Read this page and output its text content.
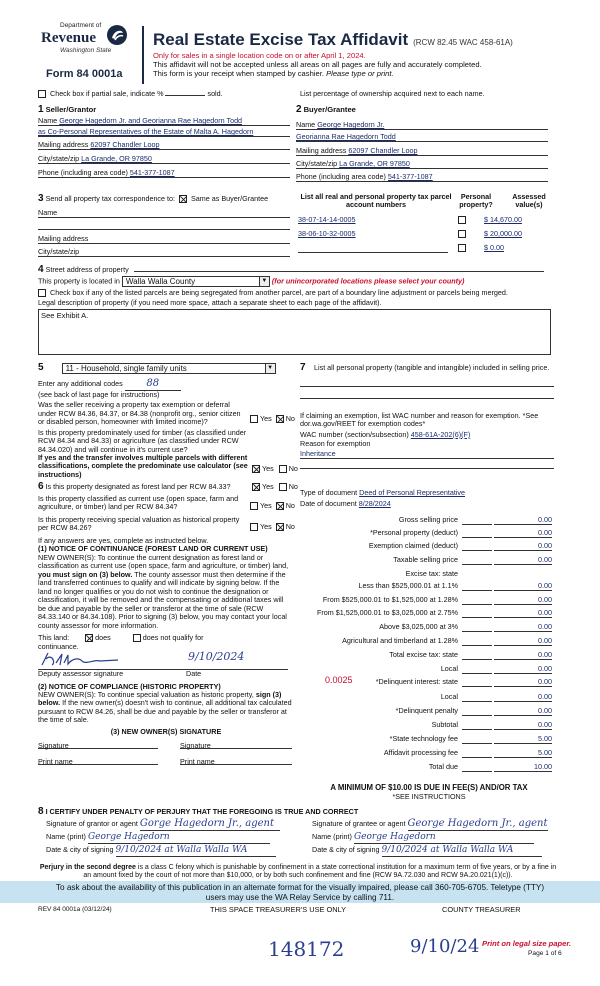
Department of
Revenue
Washington State
Form 84 0001a
Real Estate Excise Tax Affidavit (RCW 82.45 WAC 458-61A)
Only for sales in a single location code on or after April 1, 2024.
This affidavit will not be accepted unless all areas on all pages are fully and accurately completed.
This form is your receipt when stamped by cashier. Please type or print.
Check box if partial sale, indicate %	sold.	List percentage of ownership acquired next to each name.
1 Seller/Grantor
Name George Hagedorn Jr. and Georianna Rae Hagedorn Todd
as Co-Personal Representatives of the Estate of Malta A. Hagedorn
Mailing address 62097 Chandler Loop
City/state/zip La Grande, OR 97850
Phone (including area code) 541-377-1087
2 Buyer/Grantee
Name George Hagedorn Jr.
Georianna Rae Hagedorn Todd
Mailing address 62097 Chandler Loop
City/state/zip La Grande, OR 97850
Phone (including area code) 541-377-1087
3 Send all property tax correspondence to: Same as Buyer/Grantee
Name

Mailing address
City/state/zip
List all real and personal property tax parcel account numbers
Personal property?
Assessed value(s)
38-07-14-14-0005	$ 14,670.00
38-06-10-32-0005	$ 20,000.00
$ 0.00
4 Street address of property
This property is located in Walla Walla County	▼ (for unincorporated locations please select your county)
Check box if any of the listed parcels are being segregated from another parcel, are part of a boundary line adjustment or parcels being merged.
Legal description of property (if you need more space, attach a separate sheet to each page of the affidavit).
See Exhibit A.
5	11 - Household, single family units	▼
Enter any additional codes 88
(see back of last page for instructions)
Was the seller receiving a property tax exemption or deferral under RCW 84.36, 84.37, or 84.38 (nonprofit org., senior citizen or disabled person, homeowner with limited income)?	Yes No
Is this property predominately used for timber (as classified under RCW 84.34 and 84.33) or agriculture (as classified under RCW 84.34.020) and will continue in it's current use?
If yes and the transfer involves multiple parcels with different classifications, complete the predominate use calculator (see instructions)
Yes No
7	List all personal property (tangible and intangible) included in selling price.
If claiming an exemption, list WAC number and reason for exemption. *See dor.wa.gov/REET for exemption codes*
WAC number (section/subsection) 458-61A-202(6)(F)
Reason for exemption
Inheritance
6 Is this property designated as forest land per RCW 84.33?	Yes No
Is this property classified as current use (open space, farm and agriculture, or timber) land per RCW 84.34?	Yes No
Is this property receiving special valuation as historical property per RCW 84.26?	Yes No
If any answers are yes, complete as instructed below.
(1) NOTICE OF CONTINUANCE (FOREST LAND OR CURRENT USE)
NEW OWNER(S): To continue the current designation as forest land or classification as current use (open space, farm and agriculture, or timber) land, you must sign on (3) below. The county assessor must then determine if the land transferred continues to qualify and will indicate by signing below. If the land no longer qualifies or you do not wish to continue the designation or classification, it will be removed and the compensating or additional taxes will be due and payable by the seller or transferor at the time of sale (RCW 84.33.140 or 84.34.108). Prior to signing (3) below, you may contact your local county assessor for more information.
This land:	does	does not qualify for
continuance.
9/10/2024
Deputy assessor signature	Date
(2) NOTICE OF COMPLIANCE (HISTORIC PROPERTY)
NEW OWNER(S): To continue special valuation as historic property, sign (3) below. If the new owner(s) doesn't wish to continue, all additional tax calculated pursuant to RCW 84.26, shall be due and payable by the seller or transferor at the time of sale.
(3) NEW OWNER(S) SIGNATURE
Signature	Signature
Print name	Print name
Type of document Deed of Personal Representative
Date of document 8/28/2024
Gross selling price	0.00
*Personal property (deduct)	0.00
Exemption claimed (deduct)	0.00
Taxable selling price	0.00
Excise tax: state
Less than $525,000.01 at 1.1%	0.00
From $525,000.01 to $1,525,000 at 1.28%	0.00
From $1,525,000.01 to $3,025,000 at 2.75%	0.00
Above $3,025,000 at 3%	0.00
Agricultural and timberland at 1.28%	0.00
Total excise tax: state	0.00
Local	0.00
*Delinquent interest: state	0.00
Local	0.00
*Delinquent penalty	0.00
Subtotal	0.00
*State technology fee	5.00
Affidavit processing fee	5.00
Total due	10.00
0.0025
A MINIMUM OF $10.00 IS DUE IN FEE(S) AND/OR TAX
*SEE INSTRUCTIONS
8 I CERTIFY UNDER PENALTY OF PERJURY THAT THE FOREGOING IS TRUE AND CORRECT
Signature of grantor or agent Gorge Hagedorn Jr., agent
Name (print) George Hagedorn
Date & city of signing 9/10/2024 at Walla Walla WA
Signature of grantee or agent George Hagedorn Jr., agent
Name (print) George Hagedorn
Date & city of signing 9/10/2024 at Walla Walla WA
Perjury in the second degree is a class C felony which is punishable by confinement in a state correctional institution for a maximum term of five years, or by a fine in an amount fixed by the court of not more than $10,000, or by both such confinement and fine (RCW 9A.72.030 and RCW 9A.20.021(1)(c)).
To ask about the availability of this publication in an alternate format for the visually impaired, please call 360-705-6705. Teletype (TTY) users may use the WA Relay Service by calling 711.
REV 84 0001a (03/12/24)	THIS SPACE TREASURER'S USE ONLY	COUNTY TREASURER
148172	9/10/24 Print on legal size paper.
Page 1 of 6
